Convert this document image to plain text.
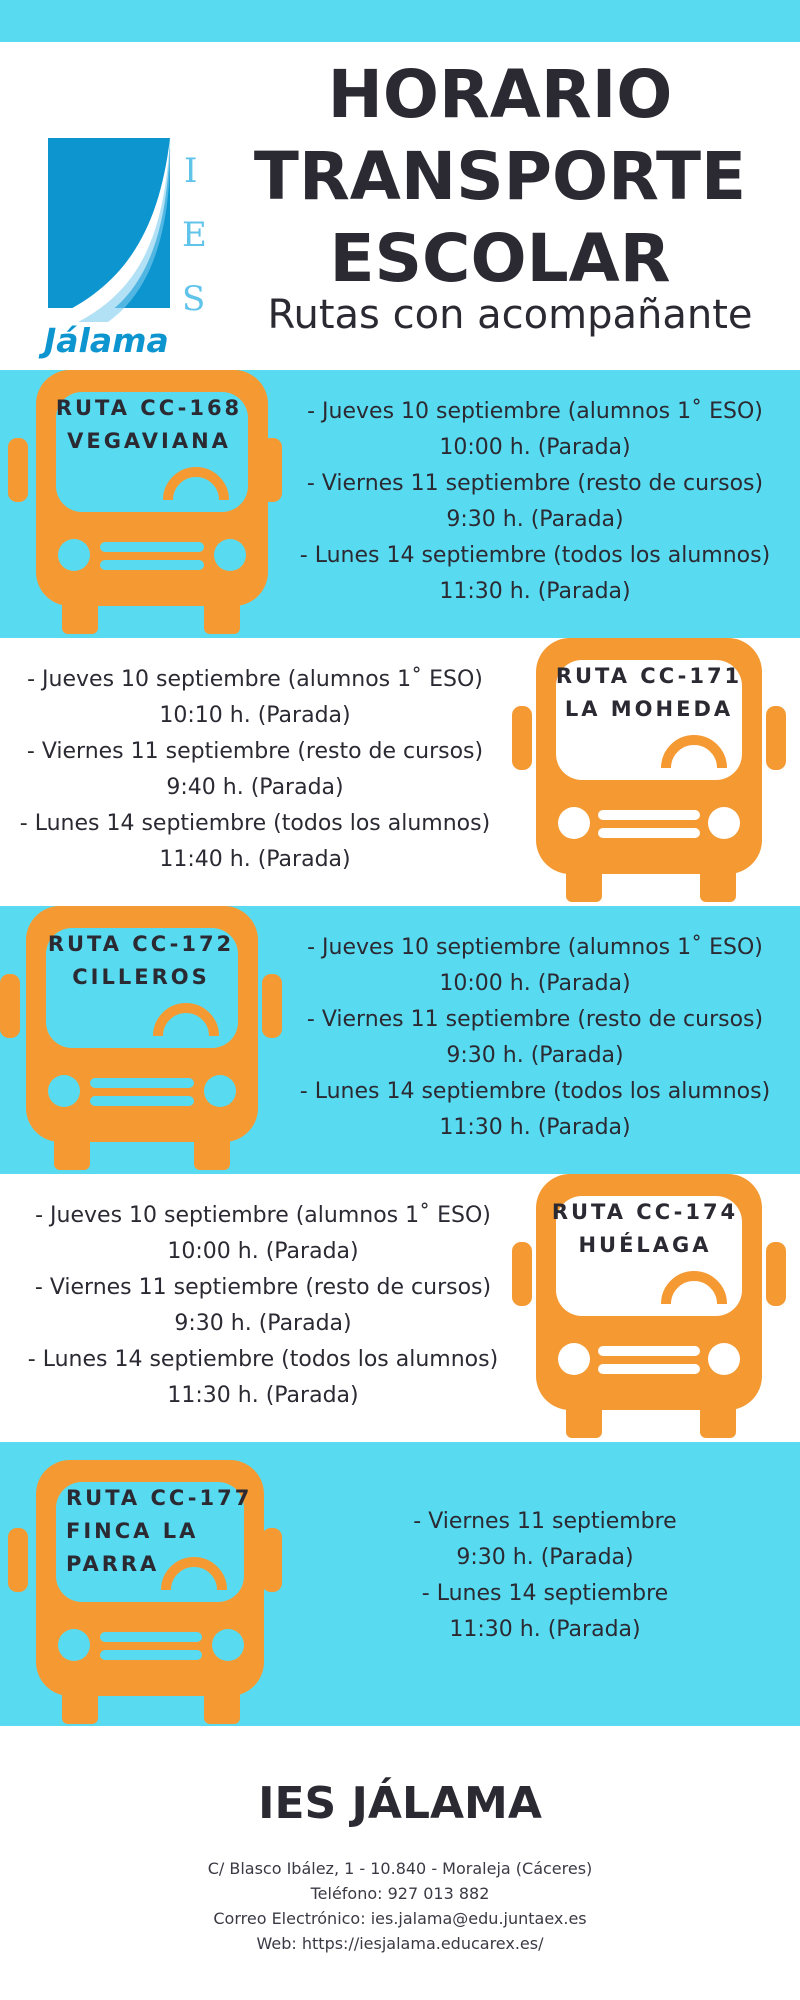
I
E
S
Jálama
HORARIO
TRANSPORTE
ESCOLAR
Rutas con acompañante
RUTA CC-168
VEGAVIANA
- Jueves 10 septiembre (alumnos 1˚ ESO)
10:00 h. (Parada)
- Viernes 11 septiembre (resto de cursos)
9:30 h. (Parada)
- Lunes 14 septiembre (todos los alumnos)
11:30 h. (Parada)
- Jueves 10 septiembre (alumnos 1˚ ESO)
10:10 h. (Parada)
- Viernes 11 septiembre (resto de cursos)
9:40 h. (Parada)
- Lunes 14 septiembre (todos los alumnos)
11:40 h. (Parada)
RUTA CC-171
LA MOHEDA
RUTA CC-172
CILLEROS
- Jueves 10 septiembre (alumnos 1˚ ESO)
10:00 h. (Parada)
- Viernes 11 septiembre (resto de cursos)
9:30 h. (Parada)
- Lunes 14 septiembre (todos los alumnos)
11:30 h. (Parada)
- Jueves 10 septiembre (alumnos 1˚ ESO)
10:00 h. (Parada)
- Viernes 11 septiembre (resto de cursos)
9:30 h. (Parada)
- Lunes 14 septiembre (todos los alumnos)
11:30 h. (Parada)
RUTA CC-174
HUÉLAGA
RUTA CC-177
FINCA LA
PARRA
- Viernes 11 septiembre
9:30 h. (Parada)
- Lunes 14 septiembre
11:30 h. (Parada)
IES JÁLAMA
C/ Blasco Ibález, 1 - 10.840 - Moraleja (Cáceres)
Teléfono: 927 013 882
Correo Electrónico: ies.jalama@edu.juntaex.es
Web: https://iesjalama.educarex.es/
